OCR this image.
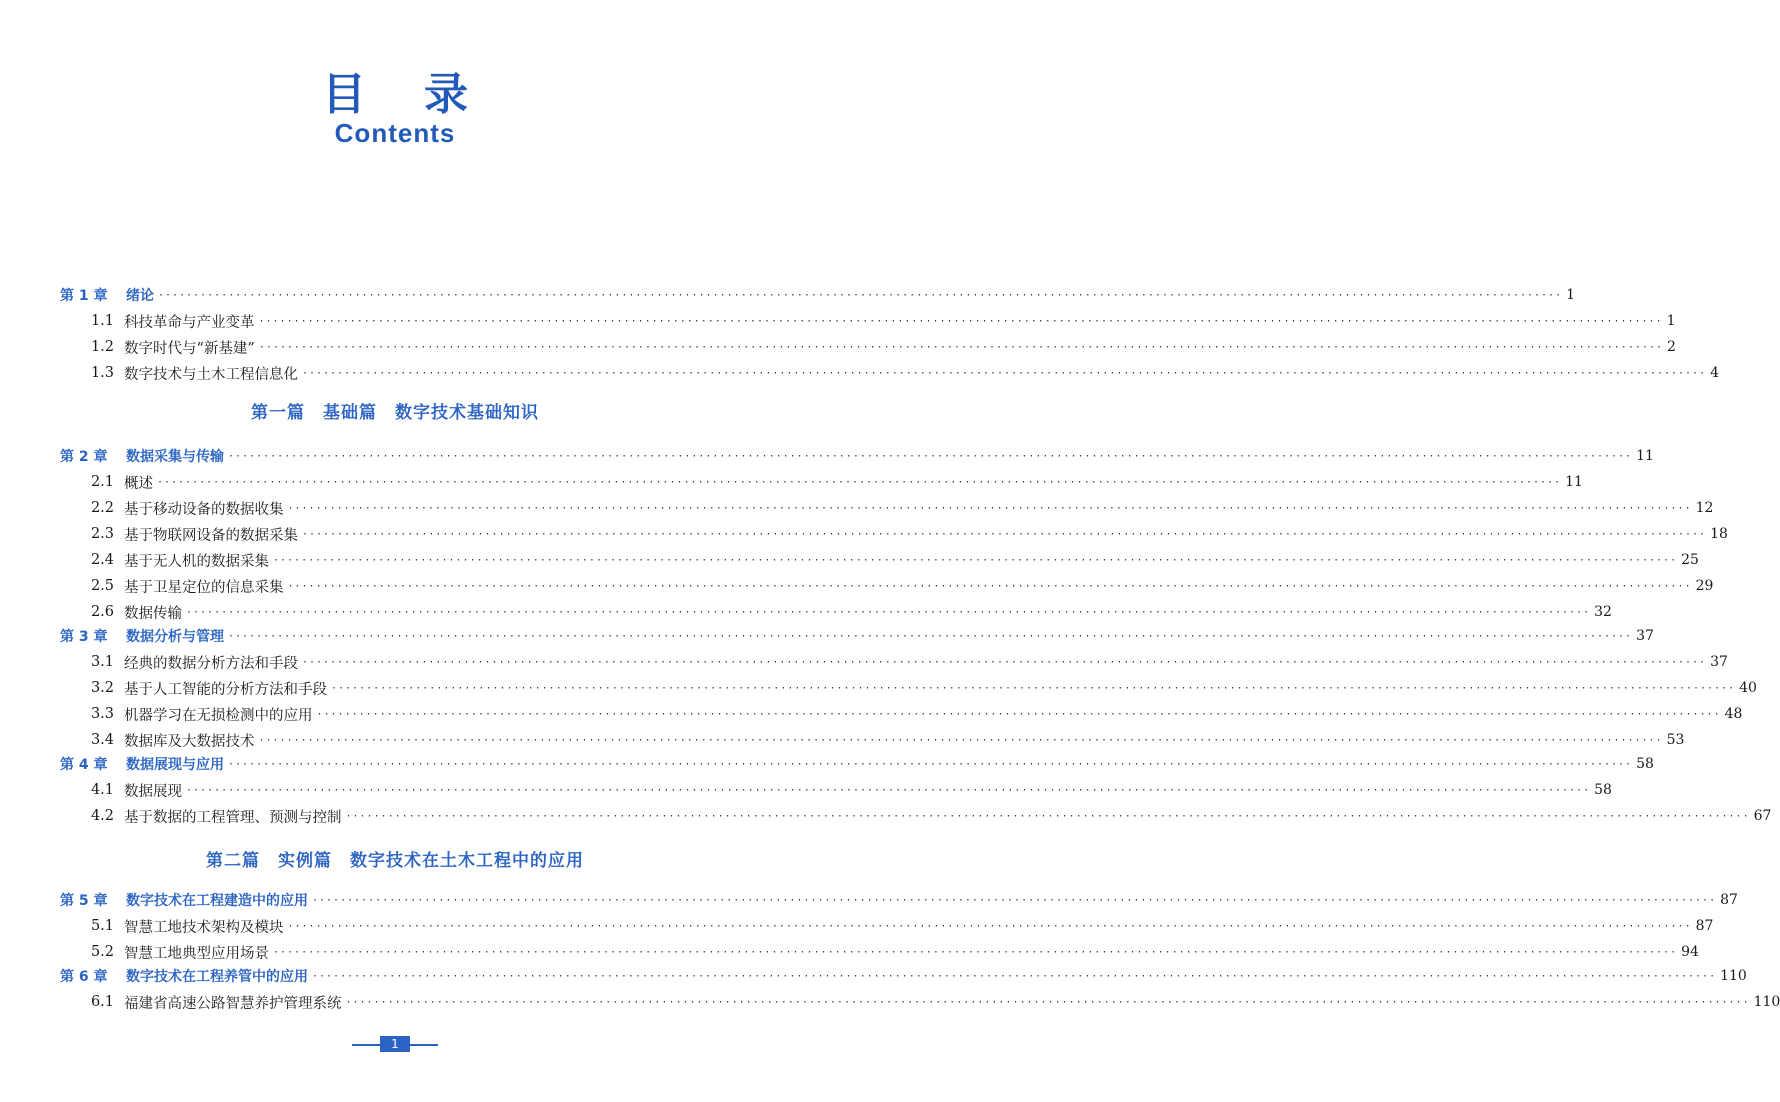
目录
Contents
第 1 章	绪论 ········································································································································································································ 1
1.1 科技革命与产业变革 ········································································································································································································ 1
1.2 数字时代与“新基建” ········································································································································································································ 2
1.3 数字技术与土木工程信息化 ········································································································································································································ 4
第一篇　基础篇　数字技术基础知识
第 2 章	数据采集与传输 ········································································································································································································ 11
2.1 概述 ········································································································································································································ 11
2.2 基于移动设备的数据收集 ········································································································································································································ 12
2.3 基于物联网设备的数据采集 ········································································································································································································ 18
2.4 基于无人机的数据采集 ········································································································································································································ 25
2.5 基于卫星定位的信息采集 ········································································································································································································ 29
2.6 数据传输 ········································································································································································································ 32
第 3 章	数据分析与管理 ········································································································································································································ 37
3.1 经典的数据分析方法和手段 ········································································································································································································ 37
3.2 基于人工智能的分析方法和手段 ········································································································································································································ 40
3.3 机器学习在无损检测中的应用 ········································································································································································································ 48
3.4 数据库及大数据技术 ········································································································································································································ 53
第 4 章	数据展现与应用 ········································································································································································································ 58
4.1 数据展现 ········································································································································································································ 58
4.2 基于数据的工程管理、预测与控制 ········································································································································································································ 67
第二篇　实例篇　数字技术在土木工程中的应用
第 5 章	数字技术在工程建造中的应用 ········································································································································································································ 87
5.1 智慧工地技术架构及模块 ········································································································································································································ 87
5.2 智慧工地典型应用场景 ········································································································································································································ 94
第 6 章	数字技术在工程养管中的应用 ········································································································································································································ 110
6.1 福建省高速公路智慧养护管理系统 ········································································································································································································ 110
1
